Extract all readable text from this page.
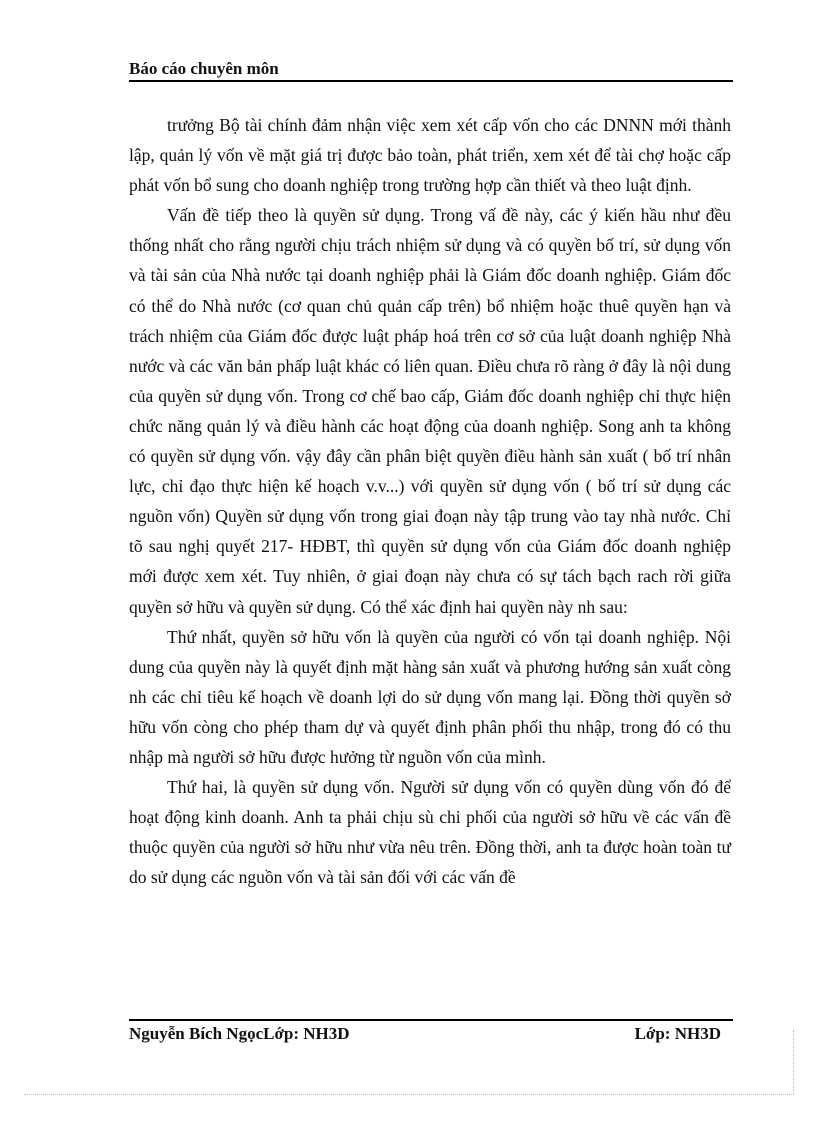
Báo cáo chuyên môn

trưởng Bộ tài chính đảm nhận việc xem xét cấp vốn cho các DNNN mới thành lập, quản lý vốn về mặt giá trị được bảo toàn, phát triển, xem xét để tài chợ hoặc cấp phát vốn bổ sung cho doanh nghiệp trong trường hợp cần thiết và theo luật định.

Vấn đề tiếp theo là quyền sử dụng. Trong vấ đề này, các ý kiến hầu như đều thống nhất cho rằng người chịu trách nhiệm sử dụng và có quyền bố trí, sử dụng vốn và tài sản của Nhà nước tại doanh nghiệp phải là Giám đốc doanh nghiệp. Giám đốc có thể do Nhà nước (cơ quan chủ quản cấp trên) bổ nhiệm hoặc thuê quyền hạn và trách nhiệm của Giám đốc được luật pháp hoá trên cơ sở của luật doanh nghiệp Nhà nước và các văn bản phấp luật khác có liên quan. Điều chưa rõ ràng ở đây là nội dung của quyền sử dụng vốn. Trong cơ chế bao cấp, Giám đốc doanh nghiệp chỉ thực hiện chức năng quản lý và điều hành các hoạt động của doanh nghiệp. Song anh ta không có quyền sử dụng vốn. vậy đây cần phân biệt quyền điều hành sản xuất ( bố trí nhân lực, chỉ đạo thực hiện kế hoạch v.v...) với quyền sử dụng vốn ( bố trí sử dụng các nguồn vốn) Quyền sử dụng vốn trong giai đoạn này tập trung vào tay nhà nước. Chỉ tõ sau nghị quyết 217- HĐBT, thì quyền sử dụng vốn của Giám đốc doanh nghiệp mới được xem xét. Tuy nhiên, ở giai đoạn này chưa có sự tách bạch rach rời giữa quyền sở hữu và quyền sử dụng. Có thể xác định hai quyền này nh sau:

Thứ nhất, quyền sở hữu vốn là quyền của người có vốn tại doanh nghiệp. Nội dung của quyền này là quyết định mặt hàng sản xuất và phương hướng sản xuất còng nh các chỉ tiêu kế hoạch về doanh lợi do sử dụng vốn mang lại. Đồng thời quyền sở hữu vốn còng cho phép tham dự và quyết định phân phối thu nhập, trong đó có thu nhập mà người sở hữu được hưởng từ nguồn vốn của mình.

Thứ hai, là quyền sử dụng vốn. Người sử dụng vốn có quyền dùng vốn đó để hoạt động kinh doanh. Anh ta phải chịu sù chi phối của người sở hữu về các vấn đề thuộc quyền của người sở hữu như vừa nêu trên. Đồng thời, anh ta được hoàn toàn tư do sử dụng các nguồn vốn và tài sản đối với các vấn đề

Nguyễn Bích NgọcLớp: NH3D	Lớp: NH3D
